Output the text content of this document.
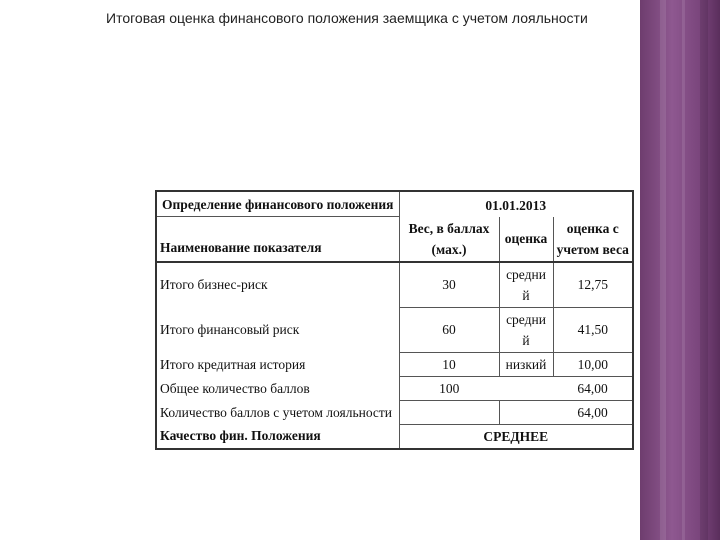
Итоговая оценка финансового положения заемщика с учетом лояльности
Определение финансового положения	01.01.2013		
Наименование показателя	Вес, в баллах (мах.)	оценка	оценка с учетом веса
Итого бизнес-риск	30	средний	12,75
Итого финансовый риск	60	средний	41,50
Итого кредитная история	10	низкий	10,00
Общее количество баллов	100		64,00
Количество баллов с учетом лояльности			64,00
Качество фин. Положения	СРЕДНЕЕ		
